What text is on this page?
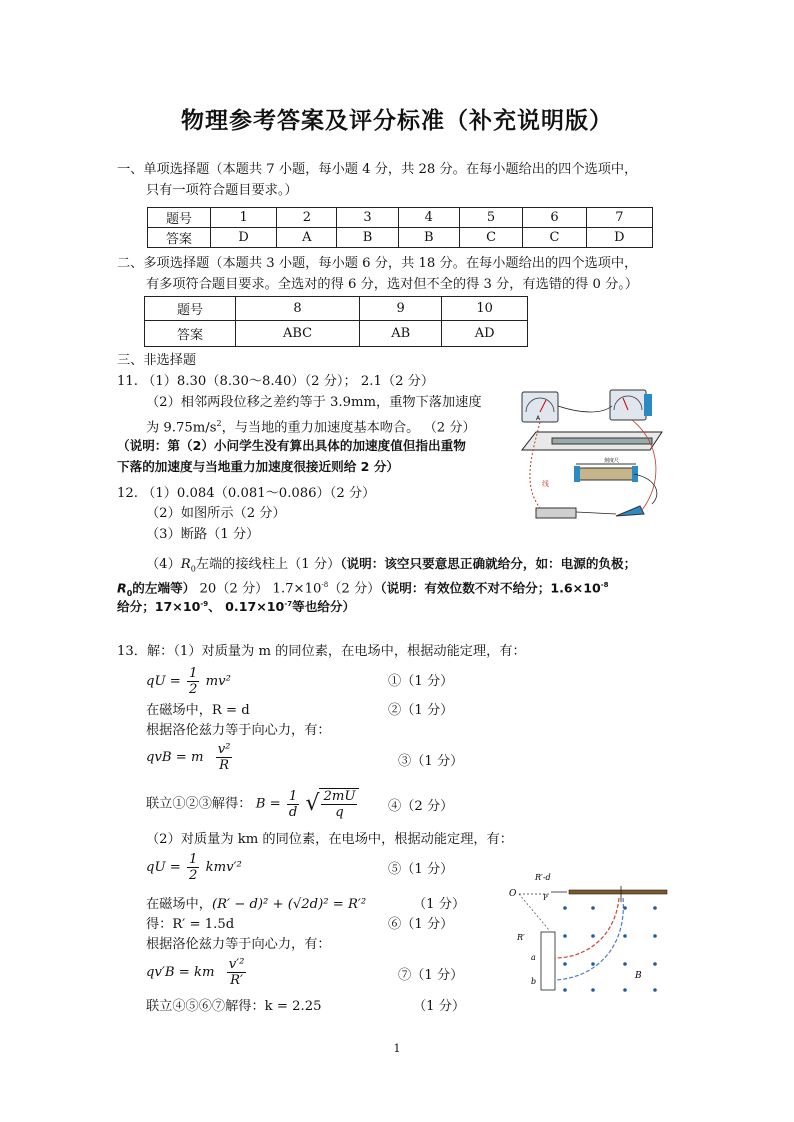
物理参考答案及评分标准（补充说明版）
一、单项选择题（本题共 7 小题，每小题 4 分，共 28 分。在每小题给出的四个选项中，
只有一项符合题目要求。）
题号	1	2	3	4	5	6	7
答案	D	A	B	B	C	C	D
二、多项选择题（本题共 3 小题，每小题 6 分，共 18 分。在每小题给出的四个选项中，
有多项符合题目要求。全选对的得 6 分，选对但不全的得 3 分，有选错的得 0 分。）
题号	8	9	10
答案	ABC	AB	AD
三、非选择题
11. （1）8.30（8.30～8.40）（2 分）； 2.1（2 分）
（2）相邻两段位移之差约等于 3.9mm，重物下落加速度
为 $9.75m/s^2$，与当地的重力加速度基本吻合。 （2 分）
（说明：第（2）小问学生没有算出具体的加速度值但指出重物
下落的加速度与当地重力加速度很接近则给 2 分）
A
刻度尺
线
12. （1）0.084（0.081～0.086）（2 分）
（2）如图所示（2 分）
（3）断路（1 分）
$(4)R_0$左端的接线柱上（1 分）（说明：该空只要意思正确就给分，如：电源的负极；
$R_0$的左端等） 20（2 分） $1.7\times 10^{-8}(2$ 分）（说明：有效位数不对不给分；$1.6\times 10^{-8}$
给分；$17\times 10^{-9}$、 $0.17\times 10^{-7}$等也给分）
13．解：（1）对质量为 m 的同位素，在电场中，根据动能定理，有：
qU = $\frac{1}{2} mv^2$	①（1 分）
在磁场中，R = d	②（1 分）
根据洛伦兹力等于向心力，有：
qvB = m $\frac{\text{v²}}{R}$	③（1 分）
联立①②③解得： $B = \frac{1}{d}$ √ $\frac{2mU}{q}$ ④（2 分）
（2）对质量为 km 的同位素，在电场中，根据动能定理，有：
qU = $\frac{1}{2} kmv'^2$	⑤（1 分）
在磁场中，(R′ − d)² + (√2d)² = R′²	（1 分）
得：R′ = 1.5d	⑥（1 分）
根据洛伦兹力等于向心力，有：
qv′B = km $\frac{\text{v′²}}{R'}$	⑦（1 分）
联立④⑤⑥⑦解得：k = 2.25	（1 分）
O
R′-d
P
R′
a
b
B
1
